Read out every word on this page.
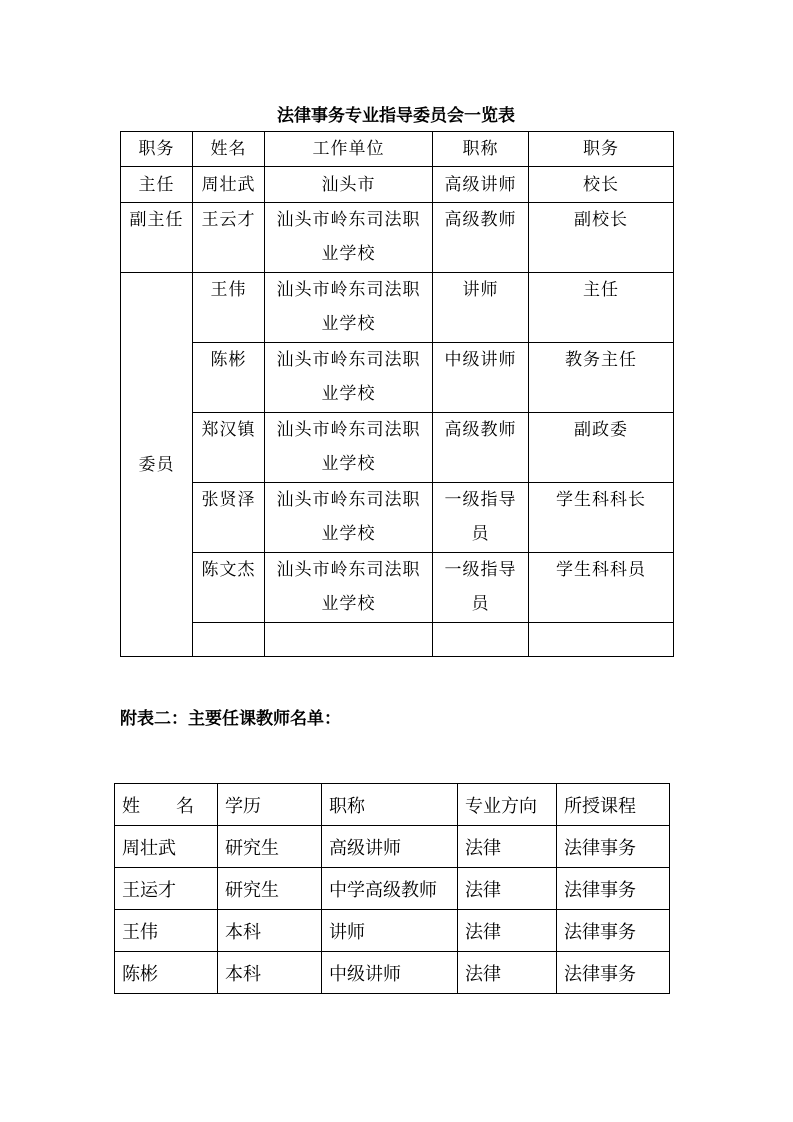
法律事务专业指导委员会一览表
职务	姓名	工作单位	职称	职务
主任	周壮武	汕头市	高级讲师	校长
副主任	王云才	汕头市岭东司法职业学校	高级教师	副校长
委员	王伟	汕头市岭东司法职业学校	讲师	主任
	陈彬	汕头市岭东司法职业学校	中级讲师	教务主任
	郑汉镇	汕头市岭东司法职业学校	高级教师	副政委
	张贤泽	汕头市岭东司法职业学校	一级指导员	学生科科长
	陈文杰	汕头市岭东司法职业学校	一级指导员	学生科科员

附表二：主要任课教师名单：
姓 名	学历	职称	专业方向	所授课程
周壮武	研究生	高级讲师	法律	法律事务
王运才	研究生	中学高级教师	法律	法律事务
王伟	本科	讲师	法律	法律事务
陈彬	本科	中级讲师	法律	法律事务
